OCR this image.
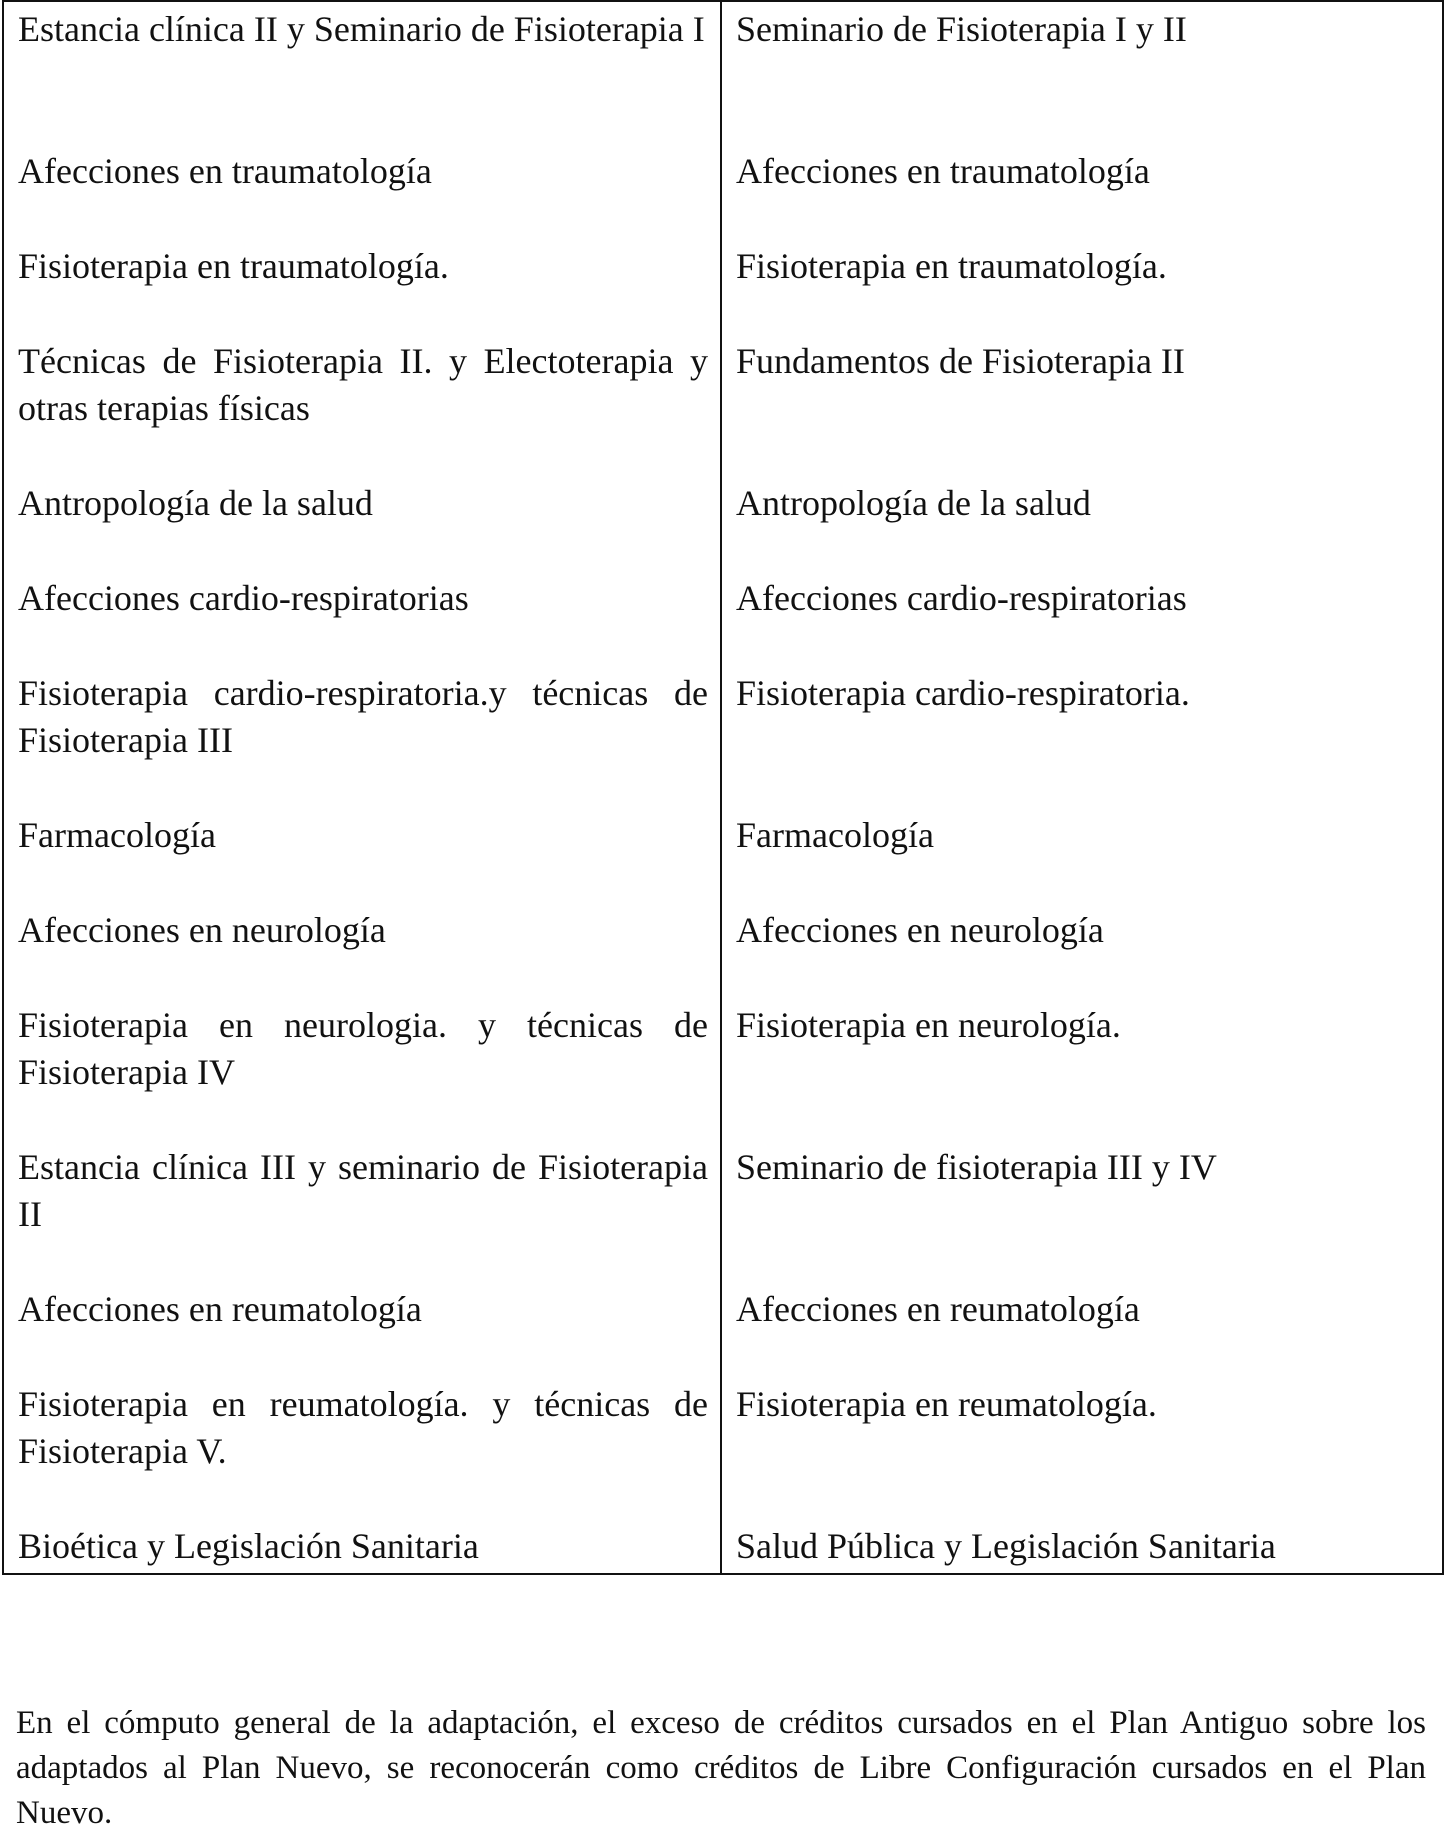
Estancia clínica II y Seminario de Fisioterapia I	Seminario de Fisioterapia I y II
Afecciones en traumatología	Afecciones en traumatología
Fisioterapia en traumatología.	Fisioterapia en traumatología.
Técnicas de Fisioterapia II. y Electoterapia y otras terapias físicas	Fundamentos de Fisioterapia II
Antropología de la salud	Antropología de la salud
Afecciones cardio-respiratorias	Afecciones cardio-respiratorias
Fisioterapia cardio-respiratoria.y técnicas de Fisioterapia III	Fisioterapia cardio-respiratoria.
Farmacología	Farmacología
Afecciones en neurología	Afecciones en neurología
Fisioterapia en neurologia. y técnicas de Fisioterapia IV	Fisioterapia en neurología.
Estancia clínica III y seminario de Fisioterapia II	Seminario de fisioterapia III y IV
Afecciones en reumatología	Afecciones en reumatología
Fisioterapia en reumatología. y técnicas de Fisioterapia V.	Fisioterapia en reumatología.
Bioética y Legislación Sanitaria	Salud Pública y Legislación Sanitaria

En el cómputo general de la adaptación, el exceso de créditos cursados en el Plan Antiguo sobre los adaptados al Plan Nuevo, se reconocerán como créditos de Libre Configuración cursados en el Plan Nuevo.
